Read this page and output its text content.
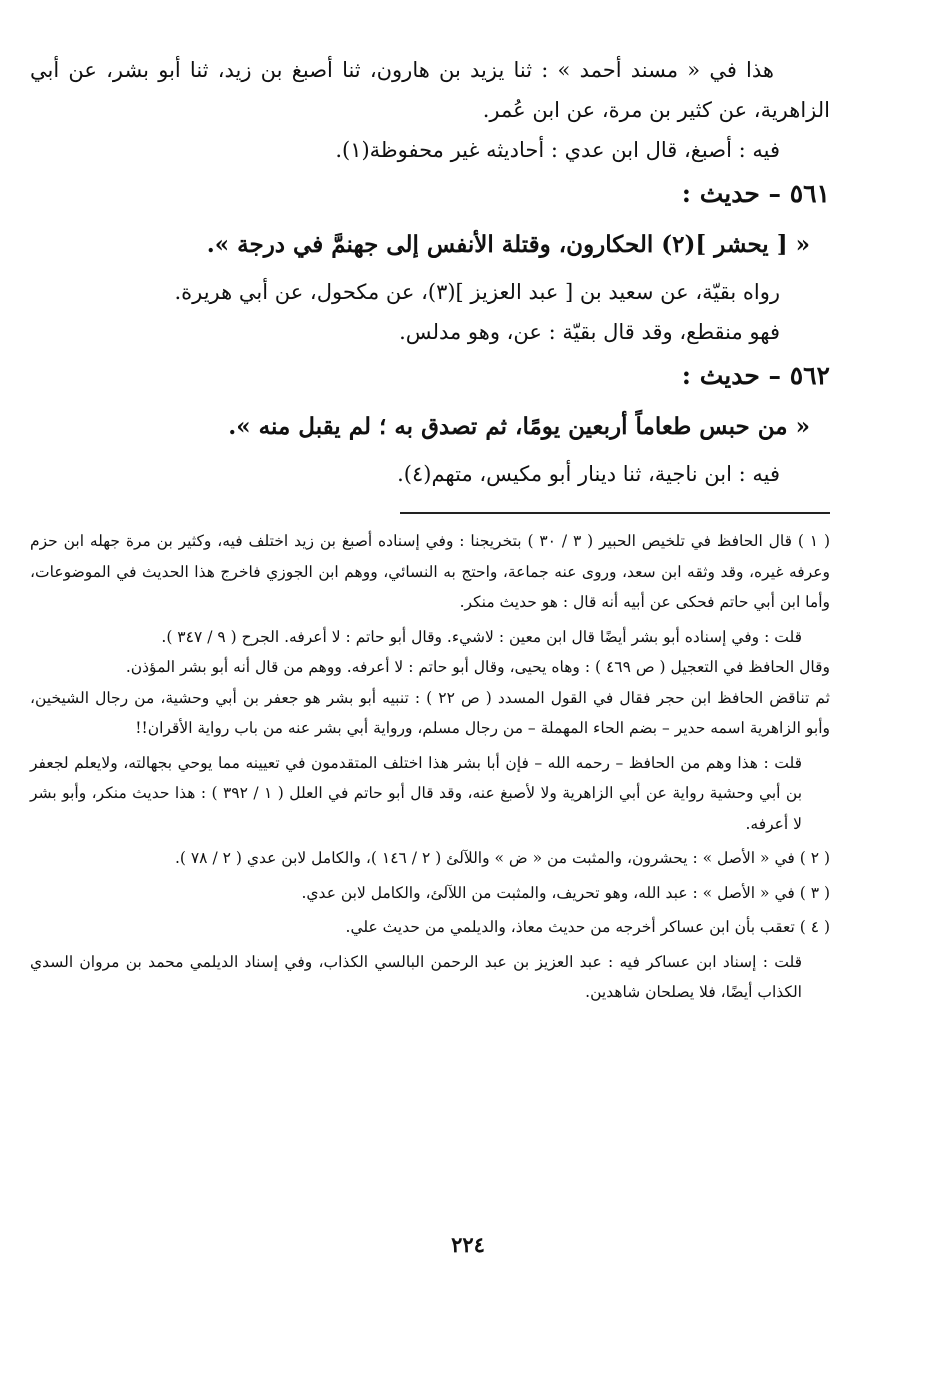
هذا في « مسند أحمد » : ثنا يزيد بن هارون، ثنا أصبغ بن زيد، ثنا أبو بشر، عن أبي الزاهرية، عن كثير بن مرة، عن ابن عُمر.

فيه : أصبغ، قال ابن عدي : أحاديثه غير محفوظة(١).

٥٦١ – حديث :

« [ يحشر ](٢) الحكارون، وقتلة الأنفس إلى جهنمَّ في درجة ».

رواه بقيّة، عن سعيد بن [ عبد العزيز ](٣)، عن مكحول، عن أبي هريرة.

فهو منقطع، وقد قال بقيّة : عن، وهو مدلس.

٥٦٢ – حديث :

« من حبس طعاماً أربعين يومًا، ثم تصدق به ؛ لم يقبل منه ».

فيه : ابن ناجية، ثنا دينار أبو مكيس، متهم(٤).

( ١ ) قال الحافظ في تلخيص الحبير ( ٣ / ٣٠ ) بتخريجنا : وفي إسناده أصبغ بن زيد اختلف فيه، وكثير بن مرة جهله ابن حزم وعرفه غيره، وقد وثقه ابن سعد، وروى عنه جماعة، واحتج به النسائي، ووهم ابن الجوزي فاخرج هذا الحديث في الموضوعات، وأما ابن أبي حاتم فحكى عن أبيه أنه قال : هو حديث منكر.

قلت : وفي إسناده أبو بشر أيضًا قال ابن معين : لاشيء. وقال أبو حاتم : لا أعرفه. الجرح ( ٩ / ٣٤٧ ).

وقال الحافظ في التعجيل ( ص ٤٦٩ ) : وهاه يحيى، وقال أبو حاتم : لا أعرفه. ووهم من قال أنه أبو بشر المؤذن.

ثم تناقض الحافظ ابن حجر فقال في القول المسدد ( ص ٢٢ ) : تنبيه أبو بشر هو جعفر بن أبي وحشية، من رجال الشيخين، وأبو الزاهرية اسمه حدير – بضم الحاء المهملة – من رجال مسلم، ورواية أبي بشر عنه من باب رواية الأقران!!

قلت : هذا وهم من الحافظ – رحمه الله – فإن أبا بشر هذا اختلف المتقدمون في تعيينه مما يوحي بجهالته، ولايعلم لجعفر بن أبي وحشية رواية عن أبي الزاهرية ولا لأصبغ عنه، وقد قال أبو حاتم في العلل ( ١ / ٣٩٢ ) : هذا حديث منكر، وأبو بشر لا أعرفه.

( ٢ ) في « الأصل » : يحشرون، والمثبت من « ض » واللآلئ ( ٢ / ١٤٦ )، والكامل لابن عدي ( ٢ / ٧٨ ).

( ٣ ) في « الأصل » : عبد الله، وهو تحريف، والمثبت من اللآلئ، والكامل لابن عدي.

( ٤ ) تعقب بأن ابن عساكر أخرجه من حديث معاذ، والديلمي من حديث علي.

قلت : إسناد ابن عساكر فيه : عبد العزيز بن عبد الرحمن البالسي الكذاب، وفي إسناد الديلمي محمد بن مروان السدي الكذاب أيضًا، فلا يصلحان شاهدين.

٢٢٤
